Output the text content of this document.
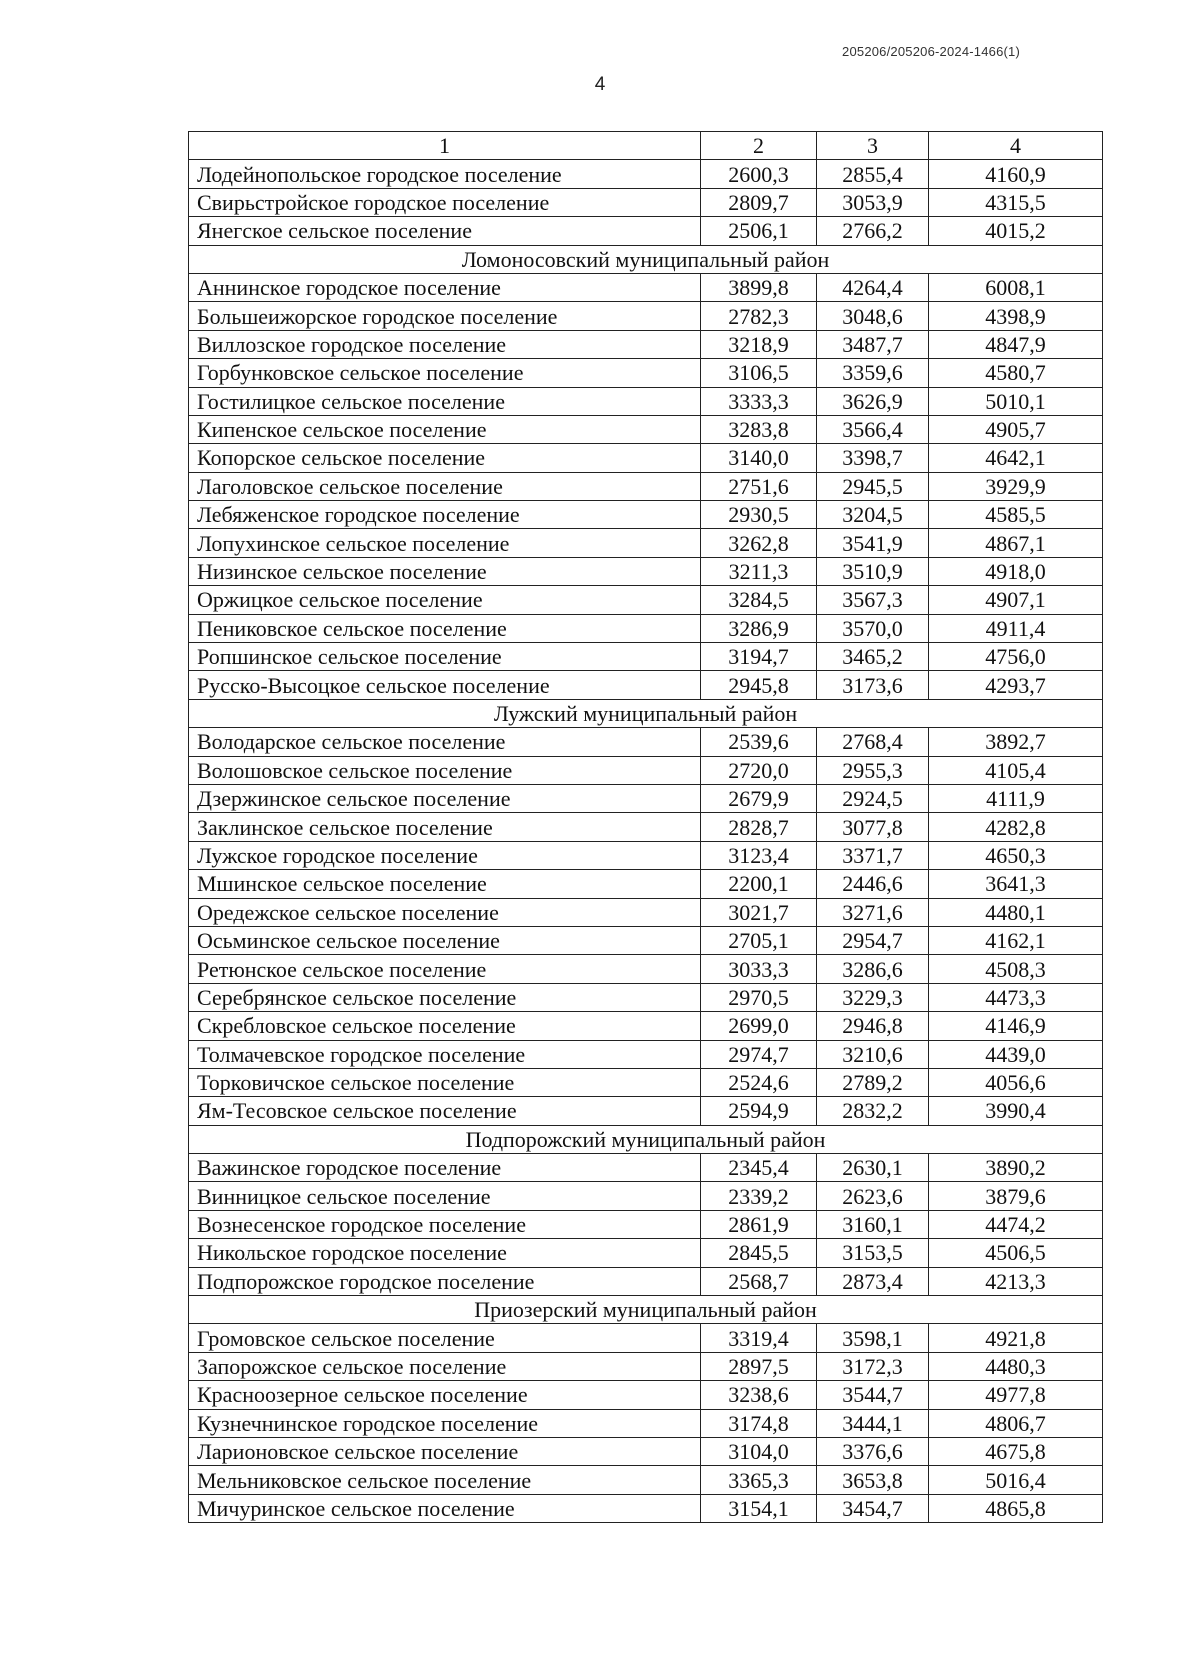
205206/205206-2024-1466(1)
4
1	2	3	4
Лодейнопольское городское поселение	2600,3	2855,4	4160,9
Свирьстройское городское поселение	2809,7	3053,9	4315,5
Янегское сельское поселение	2506,1	2766,2	4015,2
Ломоносовский муниципальный район			
Аннинское городское поселение	3899,8	4264,4	6008,1
Большеижорское городское поселение	2782,3	3048,6	4398,9
Виллозское городское поселение	3218,9	3487,7	4847,9
Горбунковское сельское поселение	3106,5	3359,6	4580,7
Гостилицкое сельское поселение	3333,3	3626,9	5010,1
Кипенское сельское поселение	3283,8	3566,4	4905,7
Копорское сельское поселение	3140,0	3398,7	4642,1
Лаголовское сельское поселение	2751,6	2945,5	3929,9
Лебяженское городское поселение	2930,5	3204,5	4585,5
Лопухинское сельское поселение	3262,8	3541,9	4867,1
Низинское сельское поселение	3211,3	3510,9	4918,0
Оржицкое сельское поселение	3284,5	3567,3	4907,1
Пениковское сельское поселение	3286,9	3570,0	4911,4
Ропшинское сельское поселение	3194,7	3465,2	4756,0
Русско-Высоцкое сельское поселение	2945,8	3173,6	4293,7
Лужский муниципальный район			
Володарское сельское поселение	2539,6	2768,4	3892,7
Волошовское сельское поселение	2720,0	2955,3	4105,4
Дзержинское сельское поселение	2679,9	2924,5	4111,9
Заклинское сельское поселение	2828,7	3077,8	4282,8
Лужское городское поселение	3123,4	3371,7	4650,3
Мшинское сельское поселение	2200,1	2446,6	3641,3
Оредежское сельское поселение	3021,7	3271,6	4480,1
Осьминское сельское поселение	2705,1	2954,7	4162,1
Ретюнское сельское поселение	3033,3	3286,6	4508,3
Серебрянское сельское поселение	2970,5	3229,3	4473,3
Скребловское сельское поселение	2699,0	2946,8	4146,9
Толмачевское городское поселение	2974,7	3210,6	4439,0
Торковичское сельское поселение	2524,6	2789,2	4056,6
Ям-Тесовское сельское поселение	2594,9	2832,2	3990,4
Подпорожский муниципальный район			
Важинское городское поселение	2345,4	2630,1	3890,2
Винницкое сельское поселение	2339,2	2623,6	3879,6
Вознесенское городское поселение	2861,9	3160,1	4474,2
Никольское городское поселение	2845,5	3153,5	4506,5
Подпорожское городское поселение	2568,7	2873,4	4213,3
Приозерский муниципальный район			
Громовское сельское поселение	3319,4	3598,1	4921,8
Запорожское сельское поселение	2897,5	3172,3	4480,3
Красноозерное сельское поселение	3238,6	3544,7	4977,8
Кузнечнинское городское поселение	3174,8	3444,1	4806,7
Ларионовское сельское поселение	3104,0	3376,6	4675,8
Мельниковское сельское поселение	3365,3	3653,8	5016,4
Мичуринское сельское поселение	3154,1	3454,7	4865,8
